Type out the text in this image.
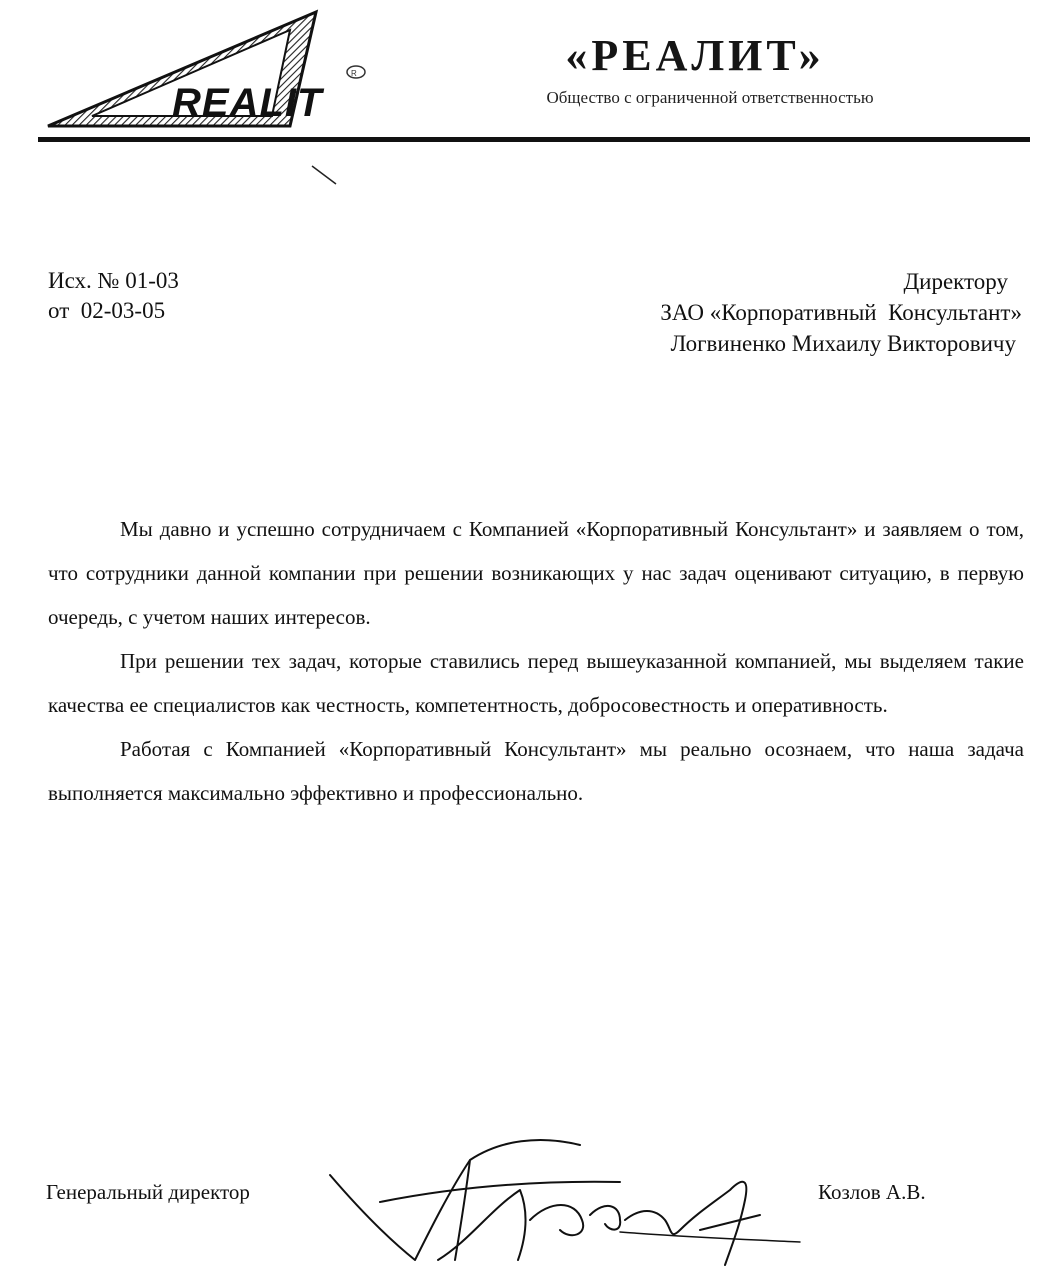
REALIT
R	«РЕАЛИТ»
Общество с ограниченной ответственностью
Исх. № 01-03
от  02-03-05
Директору
ЗАО «Корпоративный  Консультант»
Логвиненко Михаилу Викторовичу

Мы давно и успешно сотрудничаем с Компанией «Корпоративный Консультант» и заявляем о том, что сотрудники данной компании при решении возникающих у нас задач оценивают ситуацию, в первую очередь, с учетом наших интересов.

При решении тех задач, которые ставились перед вышеуказанной компанией, мы выделяем такие качества ее специалистов как честность, компетентность, добросовестность и оперативность.

Работая с Компанией «Корпоративный Консультант» мы реально осознаем, что наша задача выполняется максимально эффективно и профессионально.

Генеральный директор	Козлов А.В.
